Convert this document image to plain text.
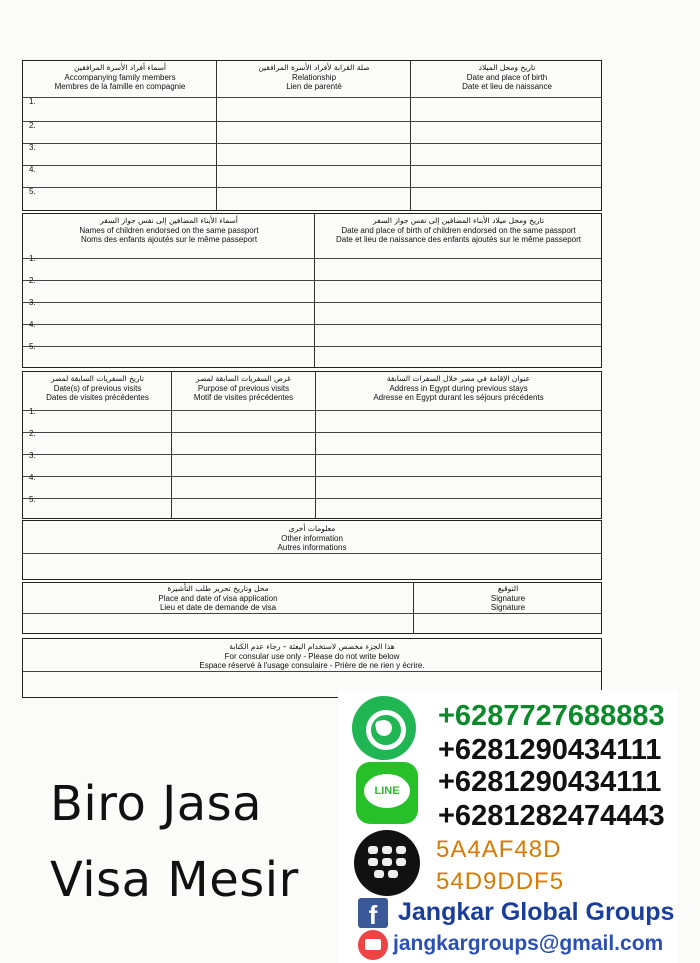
أسماء أفراد الأسرة المرافقين
Accompanying family members
Membres de la famille en compagnie
صلة القرابة لأفراد الأسرة المرافقين
Relationship
Lien de parenté
تاريخ ومحل الميلاد
Date and place of birth
Date et lieu de naissance
1.
2.
3.
4.
5.
أسماء الأبناء المضافين إلى نفس جواز السفر
Names of children endorsed on the same passport
Noms des enfants ajoutés sur le même passeport
تاريخ ومحل ميلاد الأبناء المضافين إلى نفس جواز السفر
Date and place of birth of children endorsed on the same passport
Date et lieu de naissance des enfants ajoutés sur le même passeport
1.
2.
3.
4.
5.
تاريخ السفريات السابقة لمصر
Date(s) of previous visits
Dates de visites précédentes
غرض السفريات السابقة لمصر
Purpose of previous visits
Motif de visites précédentes
عنوان الإقامة في مصر خلال السفرات السابقة
Address in Egypt during previous stays
Adresse en Egypt durant les séjours précédents
1.
2.
3.
4.
5.
معلومات أخرى
Other information
Autres informations
محل وتاريخ تحرير طلب التأشيرة
Place and date of visa application
Lieu et date de demande de visa
التوقيع
Signature
Signature
هذا الجزء مخصص لاستخدام البعثة – رجاء عدم الكتابة
For consular use only - Please do not write below
Espace réservé à l'usage consulaire - Prière de ne rien y écrire.
Biro Jasa
Visa Mesir
+6287727688883
+6281290434111
LINE	+6281290434111
+6281282474443
5A4AF48D
54D9DDF5
f Jangkar Global Groups
jangkargroups@gmail.com
